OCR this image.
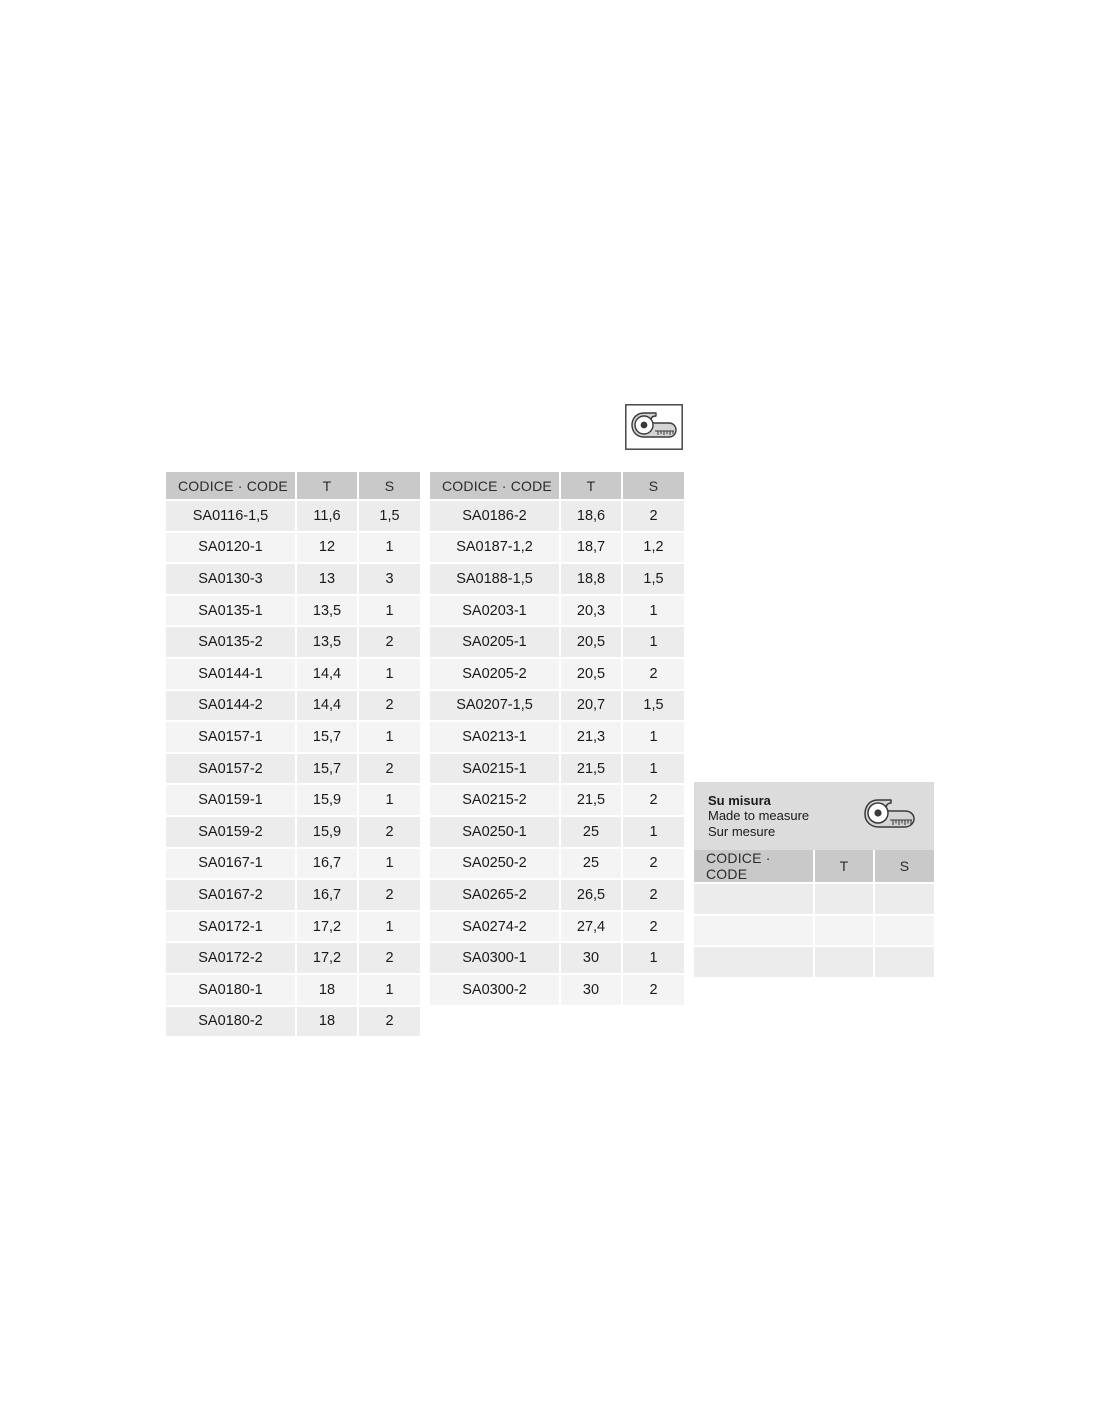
CODICE · CODE	T	S
SA0116-1,5	11,6	1,5
SA0120-1	12	1
SA0130-3	13	3
SA0135-1	13,5	1
SA0135-2	13,5	2
SA0144-1	14,4	1
SA0144-2	14,4	2
SA0157-1	15,7	1
SA0157-2	15,7	2
SA0159-1	15,9	1
SA0159-2	15,9	2
SA0167-1	16,7	1
SA0167-2	16,7	2
SA0172-1	17,2	1
SA0172-2	17,2	2
SA0180-1	18	1
SA0180-2	18	2
CODICE · CODE	T	S
SA0186-2	18,6	2
SA0187-1,2	18,7	1,2
SA0188-1,5	18,8	1,5
SA0203-1	20,3	1
SA0205-1	20,5	1
SA0205-2	20,5	2
SA0207-1,5	20,7	1,5
SA0213-1	21,3	1
SA0215-1	21,5	1
SA0215-2	21,5	2
SA0250-1	25	1
SA0250-2	25	2
SA0265-2	26,5	2
SA0274-2	27,4	2
SA0300-1	30	1
SA0300-2	30	2
Su misura
Made to measure
Sur mesure
CODICE · CODE	T	S
